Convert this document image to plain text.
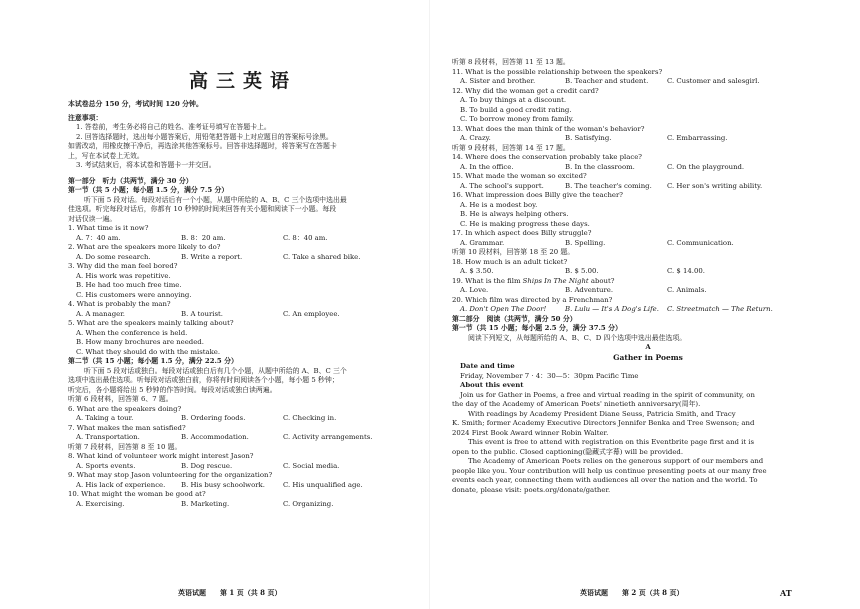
高三英语
本试卷总分 150 分，考试时间 120 分钟。
注意事项：
1. 答卷前，考生务必将自己的姓名、准考证号填写在答题卡上。
2. 回答选择题时，选出每小题答案后，用铅笔把答题卡上对应题目的答案标号涂黑。
如需改动，用橡皮擦干净后，再选涂其他答案标号。回答非选择题时，将答案写在答题卡
上，写在本试卷上无效。
3. 考试结束后，将本试卷和答题卡一并交回。
第一部分　听力（共两节，满分 30 分）
第一节（共 5 小题；每小题 1.5 分，满分 7.5 分）
听下面 5 段对话。每段对话后有一个小题，从题中所给的 A、B、C 三个选项中选出最
佳选项。听完每段对话后，你都有 10 秒钟的时间来回答有关小题和阅读下一小题。每段
对话仅读一遍。
1. What time is it now?
A. 7：40 am.	B. 8：20 am.	C. 8：40 am.
2. What are the speakers more likely to do?
A. Do some research.	B. Write a report.	C. Take a shared bike.
3. Why did the man feel bored?
A. His work was repetitive.
B. He had too much free time.
C. His customers were annoying.
4. What is probably the man?
A. A manager.	B. A tourist.	C. An employee.
5. What are the speakers mainly talking about?
A. When the conference is held.
B. How many brochures are needed.
C. What they should do with the mistake.
第二节（共 15 小题；每小题 1.5 分，满分 22.5 分）
听下面 5 段对话或独白。每段对话或独白后有几个小题，从题中所给的 A、B、C 三个
选项中选出最佳选项。听每段对话或独白前，你将有时间阅读各个小题，每小题 5 秒钟；
听完后，各小题将给出 5 秒钟的作答时间。每段对话或独白读两遍。
听第 6 段材料，回答第 6、7 题。
6. What are the speakers doing?
A. Taking a tour.	B. Ordering foods.	C. Checking in.
7. What makes the man satisfied?
A. Transportation.	B. Accommodation.	C. Activity arrangements.
听第 7 段材料，回答第 8 至 10 题。
8. What kind of volunteer work might interest Jason?
A. Sports events.	B. Dog rescue.	C. Social media.
9. What may stop Jason volunteering for the organization?
A. His lack of experience.	B. His busy schoolwork.	C. His unqualified age.
10. What might the woman be good at?
A. Exercising.	B. Marketing.	C. Organizing.
英语试题　　第 1 页（共 8 页）
听第 8 段材料，回答第 11 至 13 题。
11. What is the possible relationship between the speakers?
A. Sister and brother.	B. Teacher and student.	C. Customer and salesgirl.
12. Why did the woman get a credit card?
A. To buy things at a discount.
B. To build a good credit rating.
C. To borrow money from family.
13. What does the man think of the woman's behavior?
A. Crazy.	B. Satisfying.	C. Embarrassing.
听第 9 段材料，回答第 14 至 17 题。
14. Where does the conservation probably take place?
A. In the office.	B. In the classroom.	C. On the playground.
15. What made the woman so excited?
A. The school's support.	B. The teacher's coming.	C. Her son's writing ability.
16. What impression does Billy give the teacher?
A. He is a modest boy.
B. He is always helping others.
C. He is making progress these days.
17. In which aspect does Billy struggle?
A. Grammar.	B. Spelling.	C. Communication.
听第 10 段材料，回答第 18 至 20 题。
18. How much is an adult ticket?
A. $ 3.50.	B. $ 5.00.	C. $ 14.00.
19. What is the film Ships In The Night about?
A. Love.	B. Adventure.	C. Animals.
20. Which film was directed by a Frenchman?
A. Don't Open The Door!	B. Lulu — It's A Dog's Life.	C. Streetmatch — The Return.
第二部分　阅读（共两节，满分 50 分）
第一节（共 15 小题；每小题 2.5 分，满分 37.5 分）
阅读下列短文，从每题所给的 A、B、C、D 四个选项中选出最佳选项。
A
Gather in Poems
Date and time
Friday, November 7 · 4：30—5：30pm Pacific Time
About this event
Join us for Gather in Poems, a free and virtual reading in the spirit of community, on
the day of the Academy of American Poets' ninetieth anniversary(周年).
With readings by Academy President Diane Seuss, Patricia Smith, and Tracy
K. Smith; former Academy Executive Directors Jennifer Benka and Tree Swenson; and
2024 First Book Award winner Robin Walter.
This event is free to attend with registration on this Eventbrite page first and it is
open to the public. Closed captioning(隐藏式字幕) will be provided.
The Academy of American Poets relies on the generous support of our members and
people like you. Your contribution will help us continue presenting poets at our many free
events each year, connecting them with audiences all over the nation and the world. To
donate, please visit: poets.org/donate/gather.
英语试题　　第 2 页（共 8 页）	AT
